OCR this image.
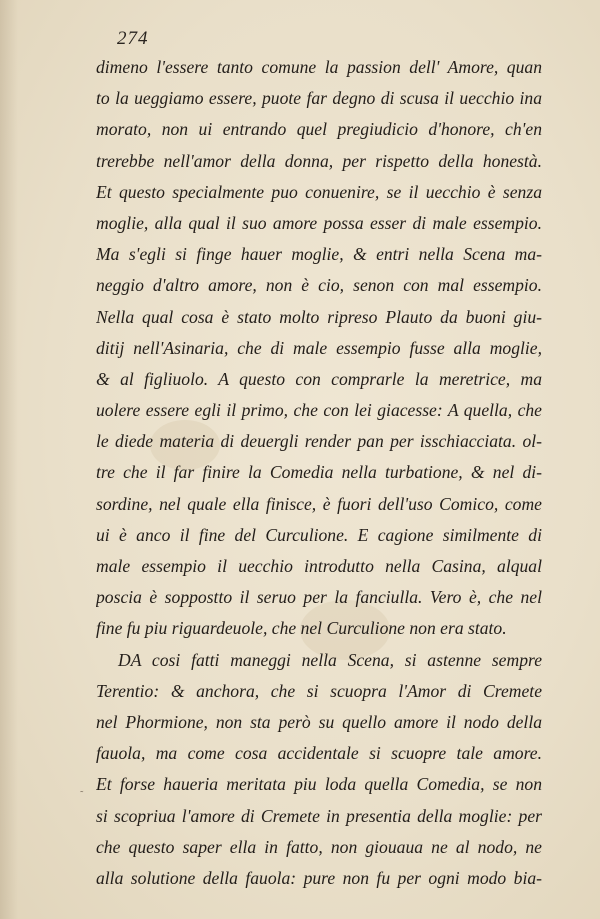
274
dimeno l'essere tanto comune la passion dell' Amore, quan
to la ueggiamo essere, puote far degno di scusa il uecchio ina
morato, non ui entrando quel pregiudicio d'honore, ch'en
trerebbe nell'amor della donna, per rispetto della honestà.
Et questo specialmente puo conuenire, se il uecchio è senza
moglie, alla qual il suo amore possa esser di male essempio.
Ma s'egli si finge hauer moglie, & entri nella Scena ma-
neggio d'altro amore, non è cio, senon con mal essempio.
Nella qual cosa è stato molto ripreso Plauto da buoni giu-
ditij nell'Asinaria, che di male essempio fusse alla moglie,
& al figliuolo. A questo con comprarle la meretrice, ma
uolere essere egli il primo, che con lei giacesse: A quella, che
le diede materia di deuergli render pan per isschiacciata. ol-
tre che il far finire la Comedia nella turbatione, & nel di-
sordine, nel quale ella finisce, è fuori dell'uso Comico, come
ui è anco il fine del Curculione. E cagione similmente di
male essempio il uecchio introdutto nella Casina, alqual
poscia è soppostto il seruo per la fanciulla. Vero è, che nel
fine fu piu riguardeuole, che nel Curculione non era stato.
DA cosi fatti maneggi nella Scena, si astenne sempre
Terentio: & anchora, che si scuopra l'Amor di Cremete
nel Phormione, non sta però su quello amore il nodo della
fauola, ma come cosa accidentale si scuopre tale amore.
Et forse haueria meritata piu loda quella Comedia, se non
si scopriua l'amore di Cremete in presentia della moglie: per
che questo saper ella in fatto, non giouaua ne al nodo, ne
alla solutione della fauola: pure non fu per ogni modo bia-
˜
